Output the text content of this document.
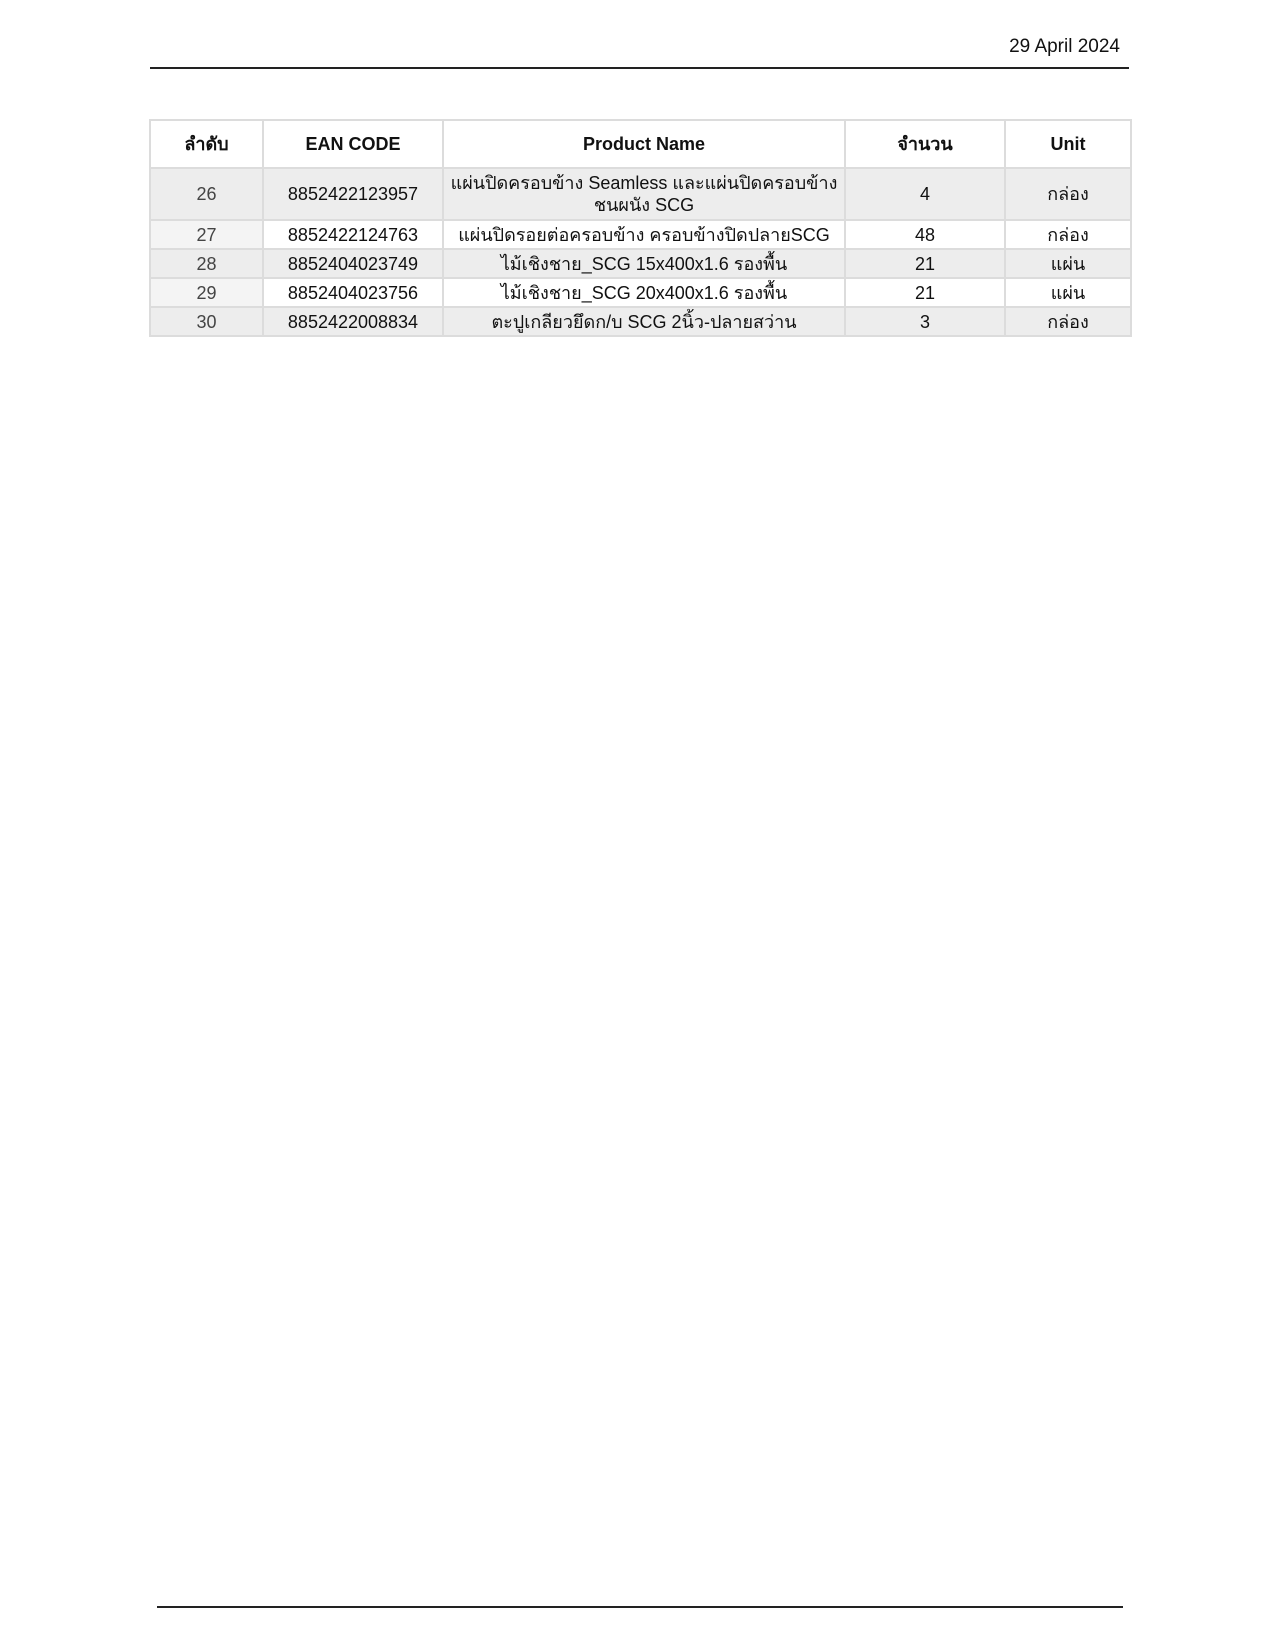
29 April 2024
ลำดับ	EAN CODE	Product Name	จำนวน	Unit
26	8852422123957	แผ่นปิดครอบข้าง Seamless และแผ่นปิดครอบข้างชนผนัง SCG	4	กล่อง
27	8852422124763	แผ่นปิดรอยต่อครอบข้าง ครอบข้างปิดปลายSCG	48	กล่อง
28	8852404023749	ไม้เชิงชาย_SCG 15x400x1.6 รองพื้น	21	แผ่น
29	8852404023756	ไม้เชิงชาย_SCG 20x400x1.6 รองพื้น	21	แผ่น
30	8852422008834	ตะปูเกลียวยึดก/บ SCG 2นิ้ว-ปลายสว่าน	3	กล่อง
